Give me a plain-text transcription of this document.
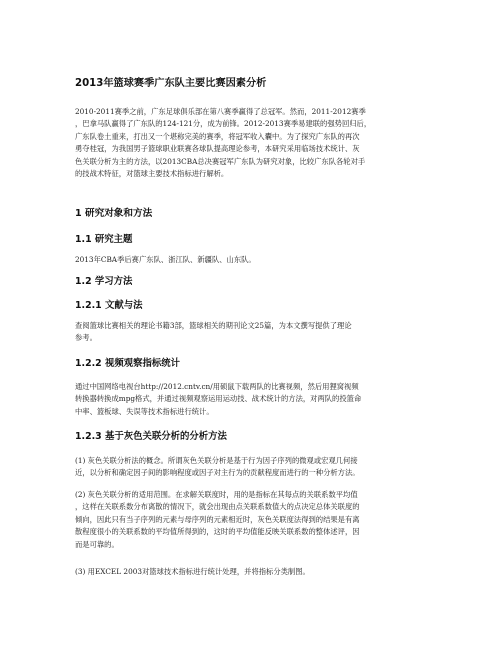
2013年篮球赛季广东队主要比赛因素分析
2010-2011赛季之前，广东足球俱乐部在第八赛季赢得了总冠军。然而，2011-2012赛季
，巴拿马队赢得了广东队的124-121分，成为前锋。2012-2013赛季易建联的强势回归后，
广东队卷土重来，打出又一个堪称完美的赛季，将冠军收入囊中。为了探究广东队的再次
勇夺桂冠，为我国男子篮球职业联赛各球队提高理论参考，本研究采用临场技术统计、灰
色关联分析为主的方法，以2013CBA总决赛冠军广东队为研究对象，比较广东队各轮对手
的技战术特征，对篮球主要技术指标进行解析。
1 研究对象和方法
1.1 研究主题
2013年CBA季后赛广东队、浙江队、新疆队、山东队。
1.2 学习方法
1.2.1 文献与法
查阅篮球比赛相关的理论书籍3部，篮球相关的期刊论文25篇，为本文撰写提供了理论
参考。
1.2.2 视频观察指标统计
通过中国网络电视台http://2012.cntv.cn/用硕鼠下载两队的比赛视频，然后用狸窝视频
转换器转换成mpg格式，并通过视频观察运用运动技、战术统计的方法，对两队的投篮命
中率、篮板球、失误等技术指标进行统计。
1.2.3 基于灰色关联分析的分析方法
(1) 灰色关联分析法的概念。所谓灰色关联分析是基于行为因子序列的微观或宏观几何接
近，以分析和确定因子间的影响程度或因子对主行为的贡献程度而进行的一种分析方法。
(2) 灰色关联分析的适用范围。在求解关联度时，用的是指标在其每点的关联系数平均值
，这样在关联系数分布离散的情况下，就会出现由点关联系数值大的点决定总体关联度的
倾向，因此只有当子序列的元素与母序列的元素相近时，灰色关联度法得到的结果是有离
散程度很小的关联系数的平均值所得到的，这时的平均值能反映关联系数的整体述评，因
而是可靠的。
(3) 用EXCEL 2003对篮球技术指标进行统计处理，并将指标分类制图。
